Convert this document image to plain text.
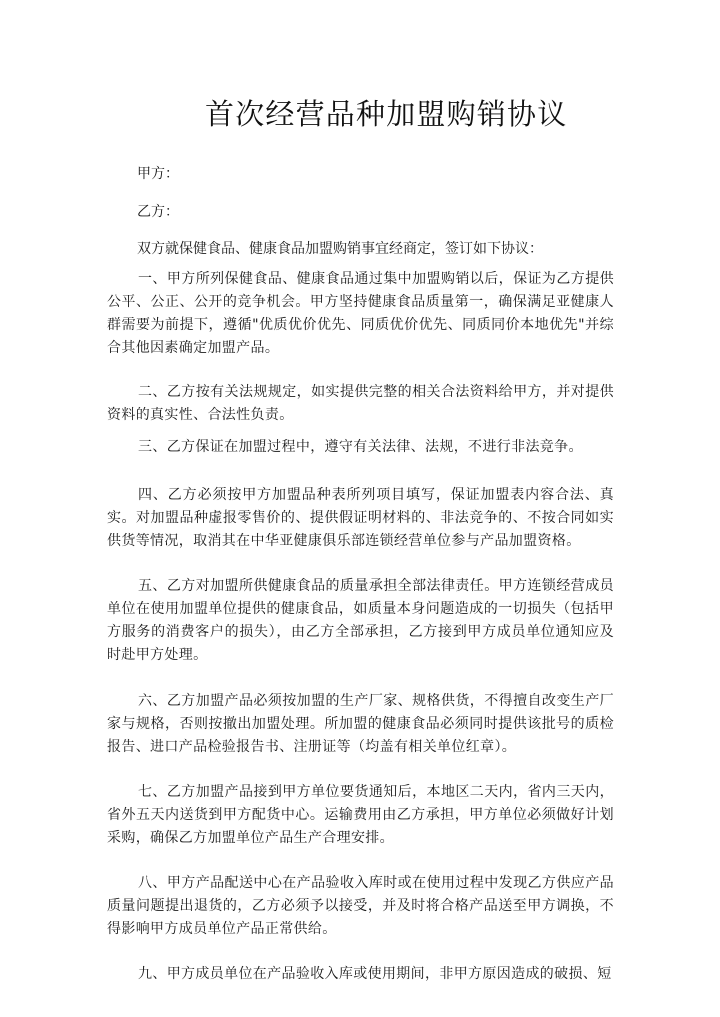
首次经营品种加盟购销协议
甲方：
乙方：
双方就保健食品、健康食品加盟购销事宜经商定，签订如下协议：

一、甲方所列保健食品、健康食品通过集中加盟购销以后，保证为乙方提供公平、公正、公开的竞争机会。甲方坚持健康食品质量第一，确保满足亚健康人群需要为前提下，遵循"优质优价优先、同质优价优先、同质同价本地优先"并综合其他因素确定加盟产品。

二、乙方按有关法规规定，如实提供完整的相关合法资料给甲方，并对提供资料的真实性、合法性负责。

三、乙方保证在加盟过程中，遵守有关法律、法规，不进行非法竞争。

四、乙方必须按甲方加盟品种表所列项目填写，保证加盟表内容合法、真实。对加盟品种虚报零售价的、提供假证明材料的、非法竞争的、不按合同如实供货等情况，取消其在中华亚健康俱乐部连锁经营单位参与产品加盟资格。

五、乙方对加盟所供健康食品的质量承担全部法律责任。甲方连锁经营成员单位在使用加盟单位提供的健康食品，如质量本身问题造成的一切损失（包括甲方服务的消费客户的损失），由乙方全部承担，乙方接到甲方成员单位通知应及时赴甲方处理。

六、乙方加盟产品必须按加盟的生产厂家、规格供货，不得擅自改变生产厂家与规格，否则按撤出加盟处理。所加盟的健康食品必须同时提供该批号的质检报告、进口产品检验报告书、注册证等（均盖有相关单位红章）。

七、乙方加盟产品接到甲方单位要货通知后，本地区二天内，省内三天内，省外五天内送货到甲方配货中心。运输费用由乙方承担，甲方单位必须做好计划采购，确保乙方加盟单位产品生产合理安排。

八、甲方产品配送中心在产品验收入库时或在使用过程中发现乙方供应产品质量问题提出退货的，乙方必须予以接受，并及时将合格产品送至甲方调换，不得影响甲方成员单位产品正常供给。

九、甲方成员单位在产品验收入库或使用期间，非甲方原因造成的破损、短
